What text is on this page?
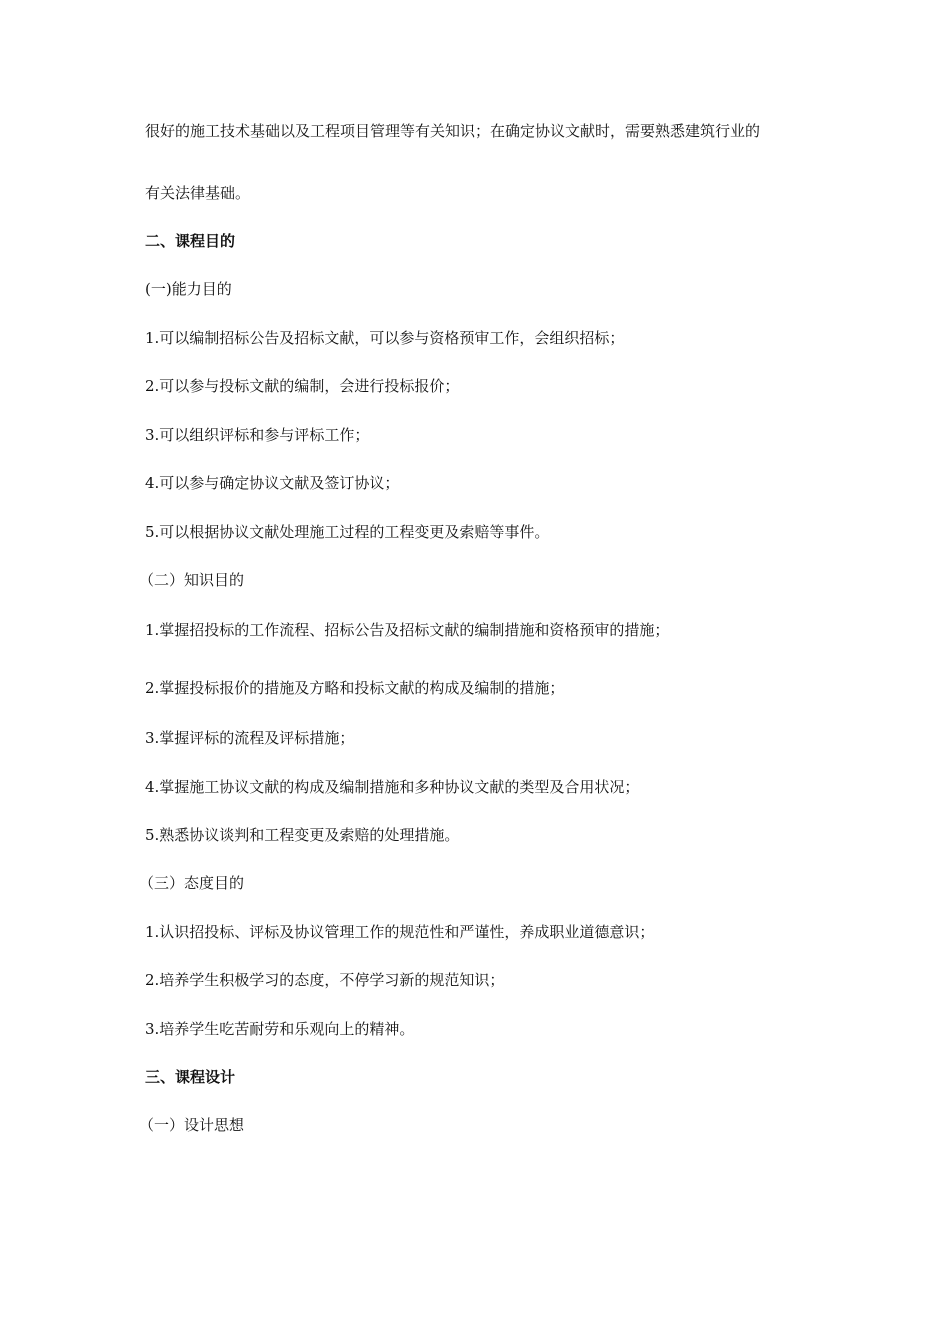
很好的施工技术基础以及工程项目管理等有关知识；在确定协议文献时，需要熟悉建筑行业的
有关法律基础。
二、课程目的
(一)能力目的
1.可以编制招标公告及招标文献，可以参与资格预审工作，会组织招标；
2.可以参与投标文献的编制，会进行投标报价；
3.可以组织评标和参与评标工作；
4.可以参与确定协议文献及签订协议；
5.可以根据协议文献处理施工过程的工程变更及索赔等事件。
（二）知识目的
1.掌握招投标的工作流程、招标公告及招标文献的编制措施和资格预审的措施；
2.掌握投标报价的措施及方略和投标文献的构成及编制的措施；
3.掌握评标的流程及评标措施；
4.掌握施工协议文献的构成及编制措施和多种协议文献的类型及合用状况；
5.熟悉协议谈判和工程变更及索赔的处理措施。
（三）态度目的
1.认识招投标、评标及协议管理工作的规范性和严谨性，养成职业道德意识；
2.培养学生积极学习的态度，不停学习新的规范知识；
3.培养学生吃苦耐劳和乐观向上的精神。
三、课程设计
（一）设计思想
